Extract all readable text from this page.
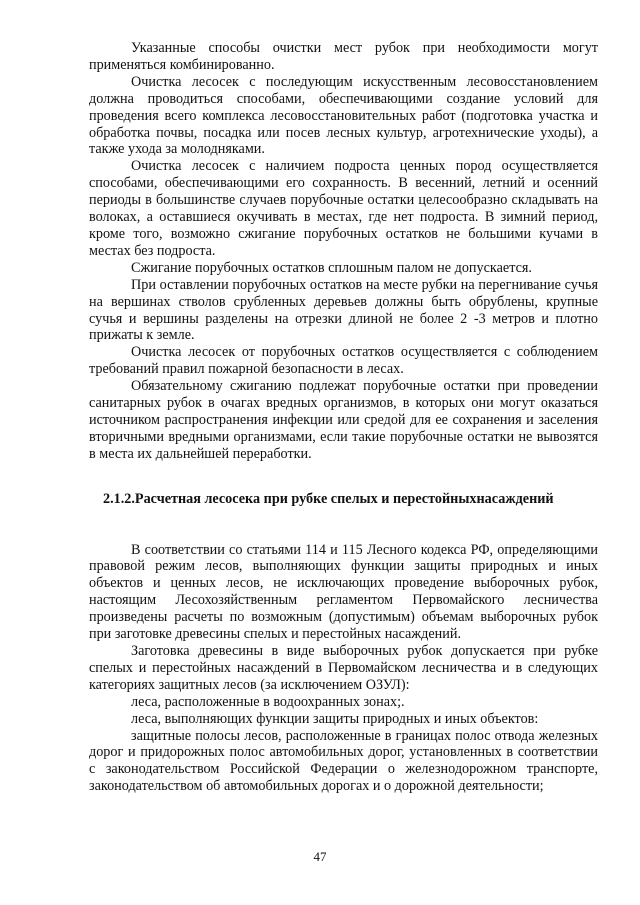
Указанные способы очистки мест рубок при необходимости могут применяться комбинированно.

Очистка лесосек с последующим искусственным лесовосстановлением должна проводиться способами, обеспечивающими создание условий для проведения всего комплекса лесовосстановительных работ (подготовка участка и обработка почвы, посадка или посев лесных культур, агротехнические уходы), а также ухода за молодняками.

Очистка лесосек с наличием подроста ценных пород осуществляется способами, обеспечивающими его сохранность. В весенний, летний и осенний периоды в большинстве случаев порубочные остатки целесообразно складывать на волоках, а оставшиеся окучивать в местах, где нет подроста. В зимний период, кроме того, возможно сжигание порубочных остатков не большими кучами в местах без подроста.

Сжигание порубочных остатков сплошным палом не допускается.

При оставлении порубочных остатков на месте рубки на перегнивание сучья на вершинах стволов срубленных деревьев должны быть обрублены, крупные сучья и вершины разделены на отрезки длиной не более 2 -3 метров и плотно прижаты к земле.

Очистка лесосек от порубочных остатков осуществляется с соблюдением требований правил пожарной безопасности в лесах.

Обязательному сжиганию подлежат порубочные остатки при проведении санитарных рубок в очагах вредных организмов, в которых они могут оказаться источником распространения инфекции или средой для ее сохранения и заселения вторичными вредными организмами, если такие порубочные остатки не вывозятся в места их дальнейшей переработки.

2.1.2.Расчетная лесосека при рубке спелых и перестойныхнасаждений

В соответствии со статьями 114 и 115 Лесного кодекса РФ, определяющими правовой режим лесов, выполняющих функции защиты природных и иных объектов и ценных лесов, не исключающих проведение выборочных рубок, настоящим Лесохозяйственным регламентом Первомайского лесничества произведены расчеты по возможным (допустимым) объемам выборочных рубок при заготовке древесины спелых и перестойных насаждений.

Заготовка древесины в виде выборочных рубок допускается при рубке спелых и перестойных насаждений в Первомайском лесничества и в следующих категориях защитных лесов (за исключением ОЗУЛ):

леса, расположенные в водоохранных зонах;.

леса, выполняющих функции защиты природных и иных объектов:

защитные полосы лесов, расположенные в границах полос отвода железных дорог и придорожных полос автомобильных дорог, установленных в соответствии с законодательством Российской Федерации о железнодорожном транспорте, законодательством об автомобильных дорогах и о дорожной деятельности;

47
